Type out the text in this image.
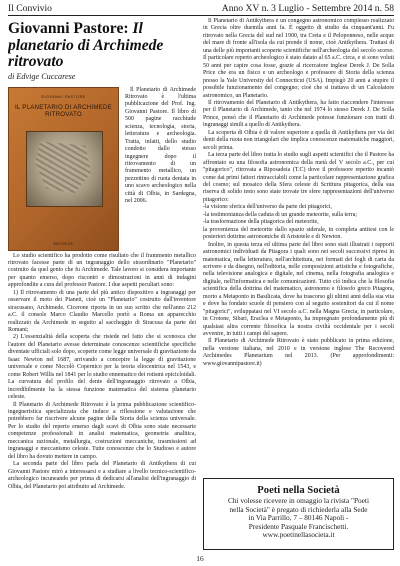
Il Convivio	Anno XV n. 3 Luglio - Settembre 2014 n. 58
Giovanni Pastore: Il planetario di Archimede ritrovato
di Edvige Cuccarese
GIOVANNI PASTORE
IL PLANETARIO DI ARCHIMEDE RITROVATO
EDITRICE

Il Planetario di Archimede Ritrovato è l'ultima pubblicazione del Prof. Ing. Giovanni Pastore. Il libro di 500 pagine racchiude scienza, tecnologia, storia, letteratura e archeologia. Tratta, infatti, dello studio condotto dallo stesso ingegnere dopo il ritrovamento di un frammento metallico, un pezzettino di ruota dentata in uno scavo archeologico nella città di Olbia, in Sardegna, nel 2006.

Lo studio scientifico ha prodotto come risultato che il frammento metallico ritrovato facesse parte di un ingranaggio dello straordinario "Planetario" costruito da quel genio che fu Archimede. Tale lavoro si considera importante per quanto emerso, dopo riscontri e dimostrazioni in anni di indagini approfondite a cura del professor Pastore. I due aspetti peculiari sono:

1) Il ritrovamento di una parte del più antico dispositivo a ingranaggi per osservare il moto dei Pianeti, cioè un "Planetario" costruito dall'inventore siracusano, Archimede. Cicerone riporta in un suo scritto che nell'anno 212 a.C. il console Marco Claudio Marcello portò a Roma un apparecchio realizzato da Archimede in seguito al saccheggio di Siracusa da parte dei Romani;

2) L'essenzialità della scoperta che risiede nel fatto che si sconosca che l'autore del Planetario avesse determinate conoscenze scientifiche specifiche diventate ufficiali solo dopo, scoperte come legge universale di gravitazione da Isaac Newton nel 1687, arrivando a concepire la legge di gravitazione universale e come Niccolò Copernico per la teoria eliocentrica nel 1543, e come Robert Willis nel 1841 per lo studio ennematico dei rotismi epicicloidali. La curvatura del profilo del dente dell'ingranaggio ritrovato a Olbia, incredibilmente ha la stessa funzione matematica del sistema planetario celeste.

Il Planetario di Archimede Ritrovato è la prima pubblicazione scientifico-ingegneristica specializzata che induce a riflessione e valutazione che potrebbero far riscrivere alcune pagine della Storia della scienza universale. Per lo studio del reperto emerso dagli scavi di Olbia sono state necessarie competenze professionali in analisi matematica, geometria analitica, meccanica razionale, metallurgia, costruzioni meccaniche, trasmissioni ad ingranaggi e meccanismo celeste. Tutte conoscenze che lo Studioso e autore del libro ha dovuto mettere in campo.

La seconda parte del libro parla del Planetario di Antikythera di cui Giovanni Pastore mirò a interessarsi e a studiare a livello tecnico-scientifico-archeologico incuneando per prima di dedicarsi all'analisi dell'ingranaggio di Olbia, del Planetario poi attribuito ad Archimede.

Il Planetario di Antikythera è un congegno astronomico complesso realizzato in Grecia oltre duemila anni fa. È oggetto di studio da cinquant'anni. Fu ritrovato nella Grecia del sud nel 1900, tra Creta e il Peloponneso, nelle acque del mare di fronte all'isola da cui prende il nome, cioè Antikythera. Trattasi di una delle più importanti scoperte scientifiche nell'archeologia del secolo scorso. Il particolare reperto archeologico è stato datato al 65 a.C. circa, e si sono voluti 50 anni per capire cosa fosse, grazie al ricercatore inglese Derek J. De Solla Price che era un fisico e un archeologo e professore di Storia della scienza presso la Yale University del Connecticut (USA). Impiegò 20 anni a stupire il possibile funzionamento del congegno; cioè che si trattava di un Calcolatore astronomico, un Planetario.

Il ritrovamento del Planetario di Antikythera, ha fatto riaccendere l'interesse per il Planetario di Archimede, tanto che nel 1974 lo stesso Derek J. De Solla Prince, pensò che il Planetario di Archimede potesse funzionare con tratti di ingranaggi simili a quello di Antikythera.

La scoperta di Olbia è di valore superiore a quella di Antikythera per via dei denti della ruota non triangolari che implica conoscenze matematiche maggiori, secoli prima.

La terza parte del libro tratta lo studio sugli aspetti scientifici che il Pastore ha affrontato su una filosofia astronomica della metà del V secolo a.C., per cui "pitagorico", ritrovata a Riposadeia (T.C) dove il professore reperito incantò come dai primi fattori rintracciabili come la particolare rappresentazione grafica del cosmo; sul mosaico della Sfera celeste di Scrittura pitagorica, della sua riserva di solido testo sono state trovate tre sfere rappresentazioni dell'universo pitagorico:

-la visione sferica dell'universo da parte dei pitagorici,

-la testimonianza della caduta di un grande meteorite, sulla terra;

-la trasformazione della pitagorica del meteorite,

la provenienza del meteorite dallo spazio siderale, in completa antitesi con le posteriori dottrine astronomiche di Aristotele e di Newton.

Inoltre, in questa terza ed ultima parte del libro sono stati illustrati i rapporti astronomici individuati da Pitagora i quali sono nei secoli successivi ripresi in matematica, nella letteratura, nell'architettura, nei formati dei fogli di carta da scrivere e da disegno, nell'editoria, nelle composizioni artistiche e fotografiche, nella televisione analogica e digitale, nel cinema, nella fotografia analogica e digitale, nell'informatica e nelle comunicazioni. Tutto ciò indica che la filosofia scientifica della dottrina del matematico, astronomo e filosofo greco Pitagora, morto a Metaponto in Basilicata, dove ha trascorso gli ultimi anni della sua vita e dove ha fondato scuole di pensiero con al seguito sostenitori da cui il nome "pitagorici", sviluppatasi nel VI secolo a.C. nella Magna Grecia, in particolare, in Crotone, Sibari, Eraclea e Metaponto, ha impregnato profondamente più di qualsiasi altra corrente filosofica la nostra civiltà occidentale per i secoli avvenire, in tutti i campi del sapere.

Il Planetario di Archimede Ritrovato è stato pubblicato in prima edizione, nella versione italiana, nel 2010 e in versione inglese The Recovered Archimedes Planetarium nel 2013. (Per approfondimenti: www.giovannipastore.it)

Poeti nella Società
Chi volesse ricevere in omaggio la rivista "Poeti
nella Società" è pregato di richiederla alla Sede
in Via Parrillo, 7 – 80146 Napoli -
Presidente Pasquale Francischetti.
www.poetinellasocieta.it
16
